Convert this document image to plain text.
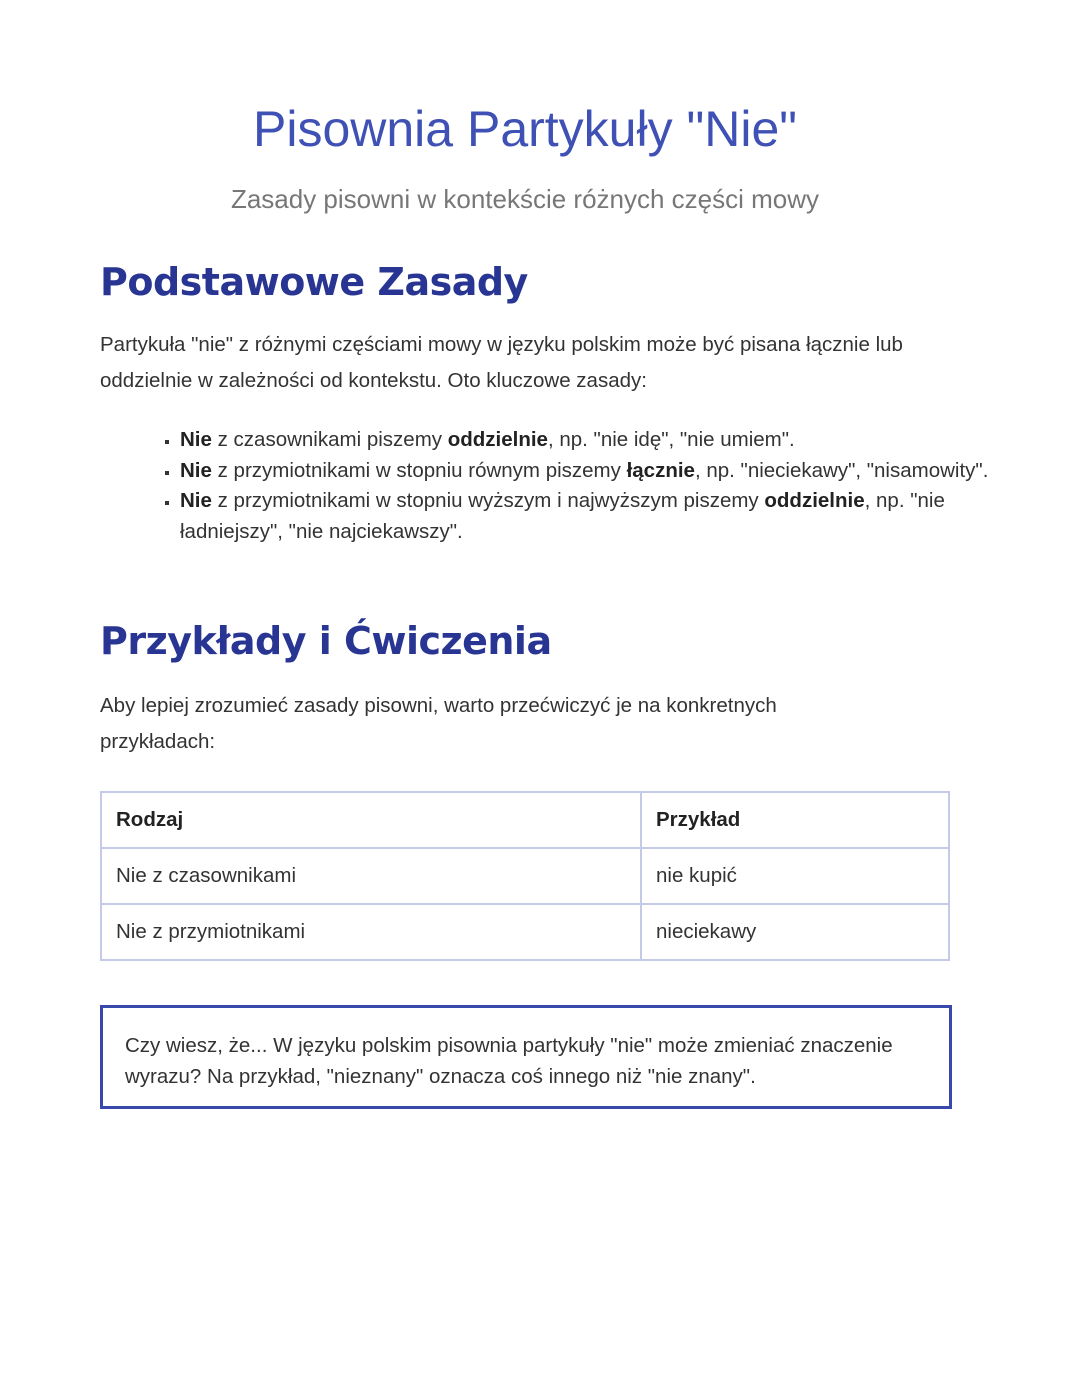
Pisownia Partykuły "Nie"

Zasady pisowni w kontekście różnych części mowy

Podstawowe Zasady

Partykuła "nie" z różnymi częściami mowy w języku polskim może być pisana łącznie lub oddzielnie w zależności od kontekstu. Oto kluczowe zasady:

▪ Nie z czasownikami piszemy oddzielnie, np. "nie idę", "nie umiem".
▪ Nie z przymiotnikami w stopniu równym piszemy łącznie, np. "nieciekawy", "nisamowity".
▪ Nie z przymiotnikami w stopniu wyższym i najwyższym piszemy oddzielnie, np. "nie ładniejszy", "nie najciekawszy".
Przykłady i Ćwiczenia

Aby lepiej zrozumieć zasady pisowni, warto przećwiczyć je na konkretnych przykładach:

Rodzaj	Przykład
Nie z czasownikami	nie kupić
Nie z przymiotnikami	nieciekawy

Czy wiesz, że... W języku polskim pisownia partykuły "nie" może zmieniać znaczenie wyrazu? Na przykład, "nieznany" oznacza coś innego niż "nie znany".
